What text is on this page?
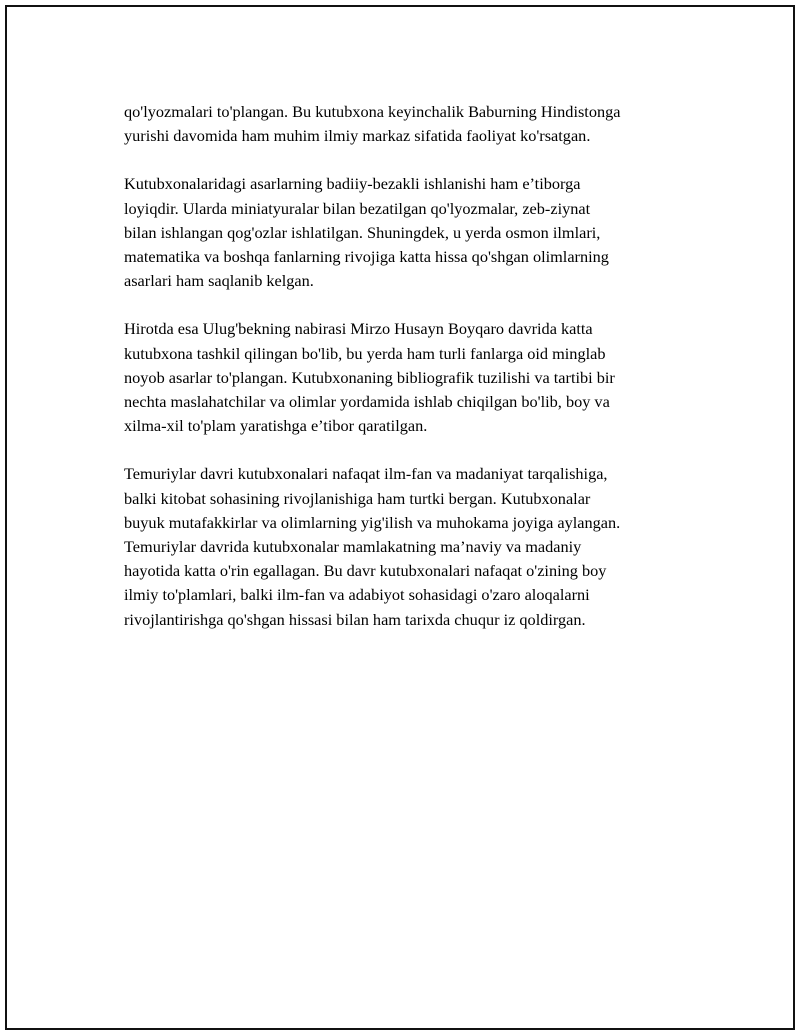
qo'lyozmalari to'plangan. Bu kutubxona keyinchalik Baburning Hindistonga
yurishi davomida ham muhim ilmiy markaz sifatida faoliyat ko'rsatgan.

Kutubxonalaridagi asarlarning badiiy-bezakli ishlanishi ham e’tiborga
loyiqdir. Ularda miniatyuralar bilan bezatilgan qo'lyozmalar, zeb-ziynat
bilan ishlangan qog'ozlar ishlatilgan. Shuningdek, u yerda osmon ilmlari,
matematika va boshqa fanlarning rivojiga katta hissa qo'shgan olimlarning
asarlari ham saqlanib kelgan.

Hirotda esa Ulug'bekning nabirasi Mirzo Husayn Boyqaro davrida katta
kutubxona tashkil qilingan bo'lib, bu yerda ham turli fanlarga oid minglab
noyob asarlar to'plangan. Kutubxonaning bibliografik tuzilishi va tartibi bir
nechta maslahatchilar va olimlar yordamida ishlab chiqilgan bo'lib, boy va
xilma-xil to'plam yaratishga e’tibor qaratilgan.

Temuriylar davri kutubxonalari nafaqat ilm-fan va madaniyat tarqalishiga,
balki kitobat sohasining rivojlanishiga ham turtki bergan. Kutubxonalar
buyuk mutafakkirlar va olimlarning yig'ilish va muhokama joyiga aylangan.
Temuriylar davrida kutubxonalar mamlakatning ma’naviy va madaniy
hayotida katta o'rin egallagan. Bu davr kutubxonalari nafaqat o'zining boy
ilmiy to'plamlari, balki ilm-fan va adabiyot sohasidagi o'zaro aloqalarni
rivojlantirishga qo'shgan hissasi bilan ham tarixda chuqur iz qoldirgan.
